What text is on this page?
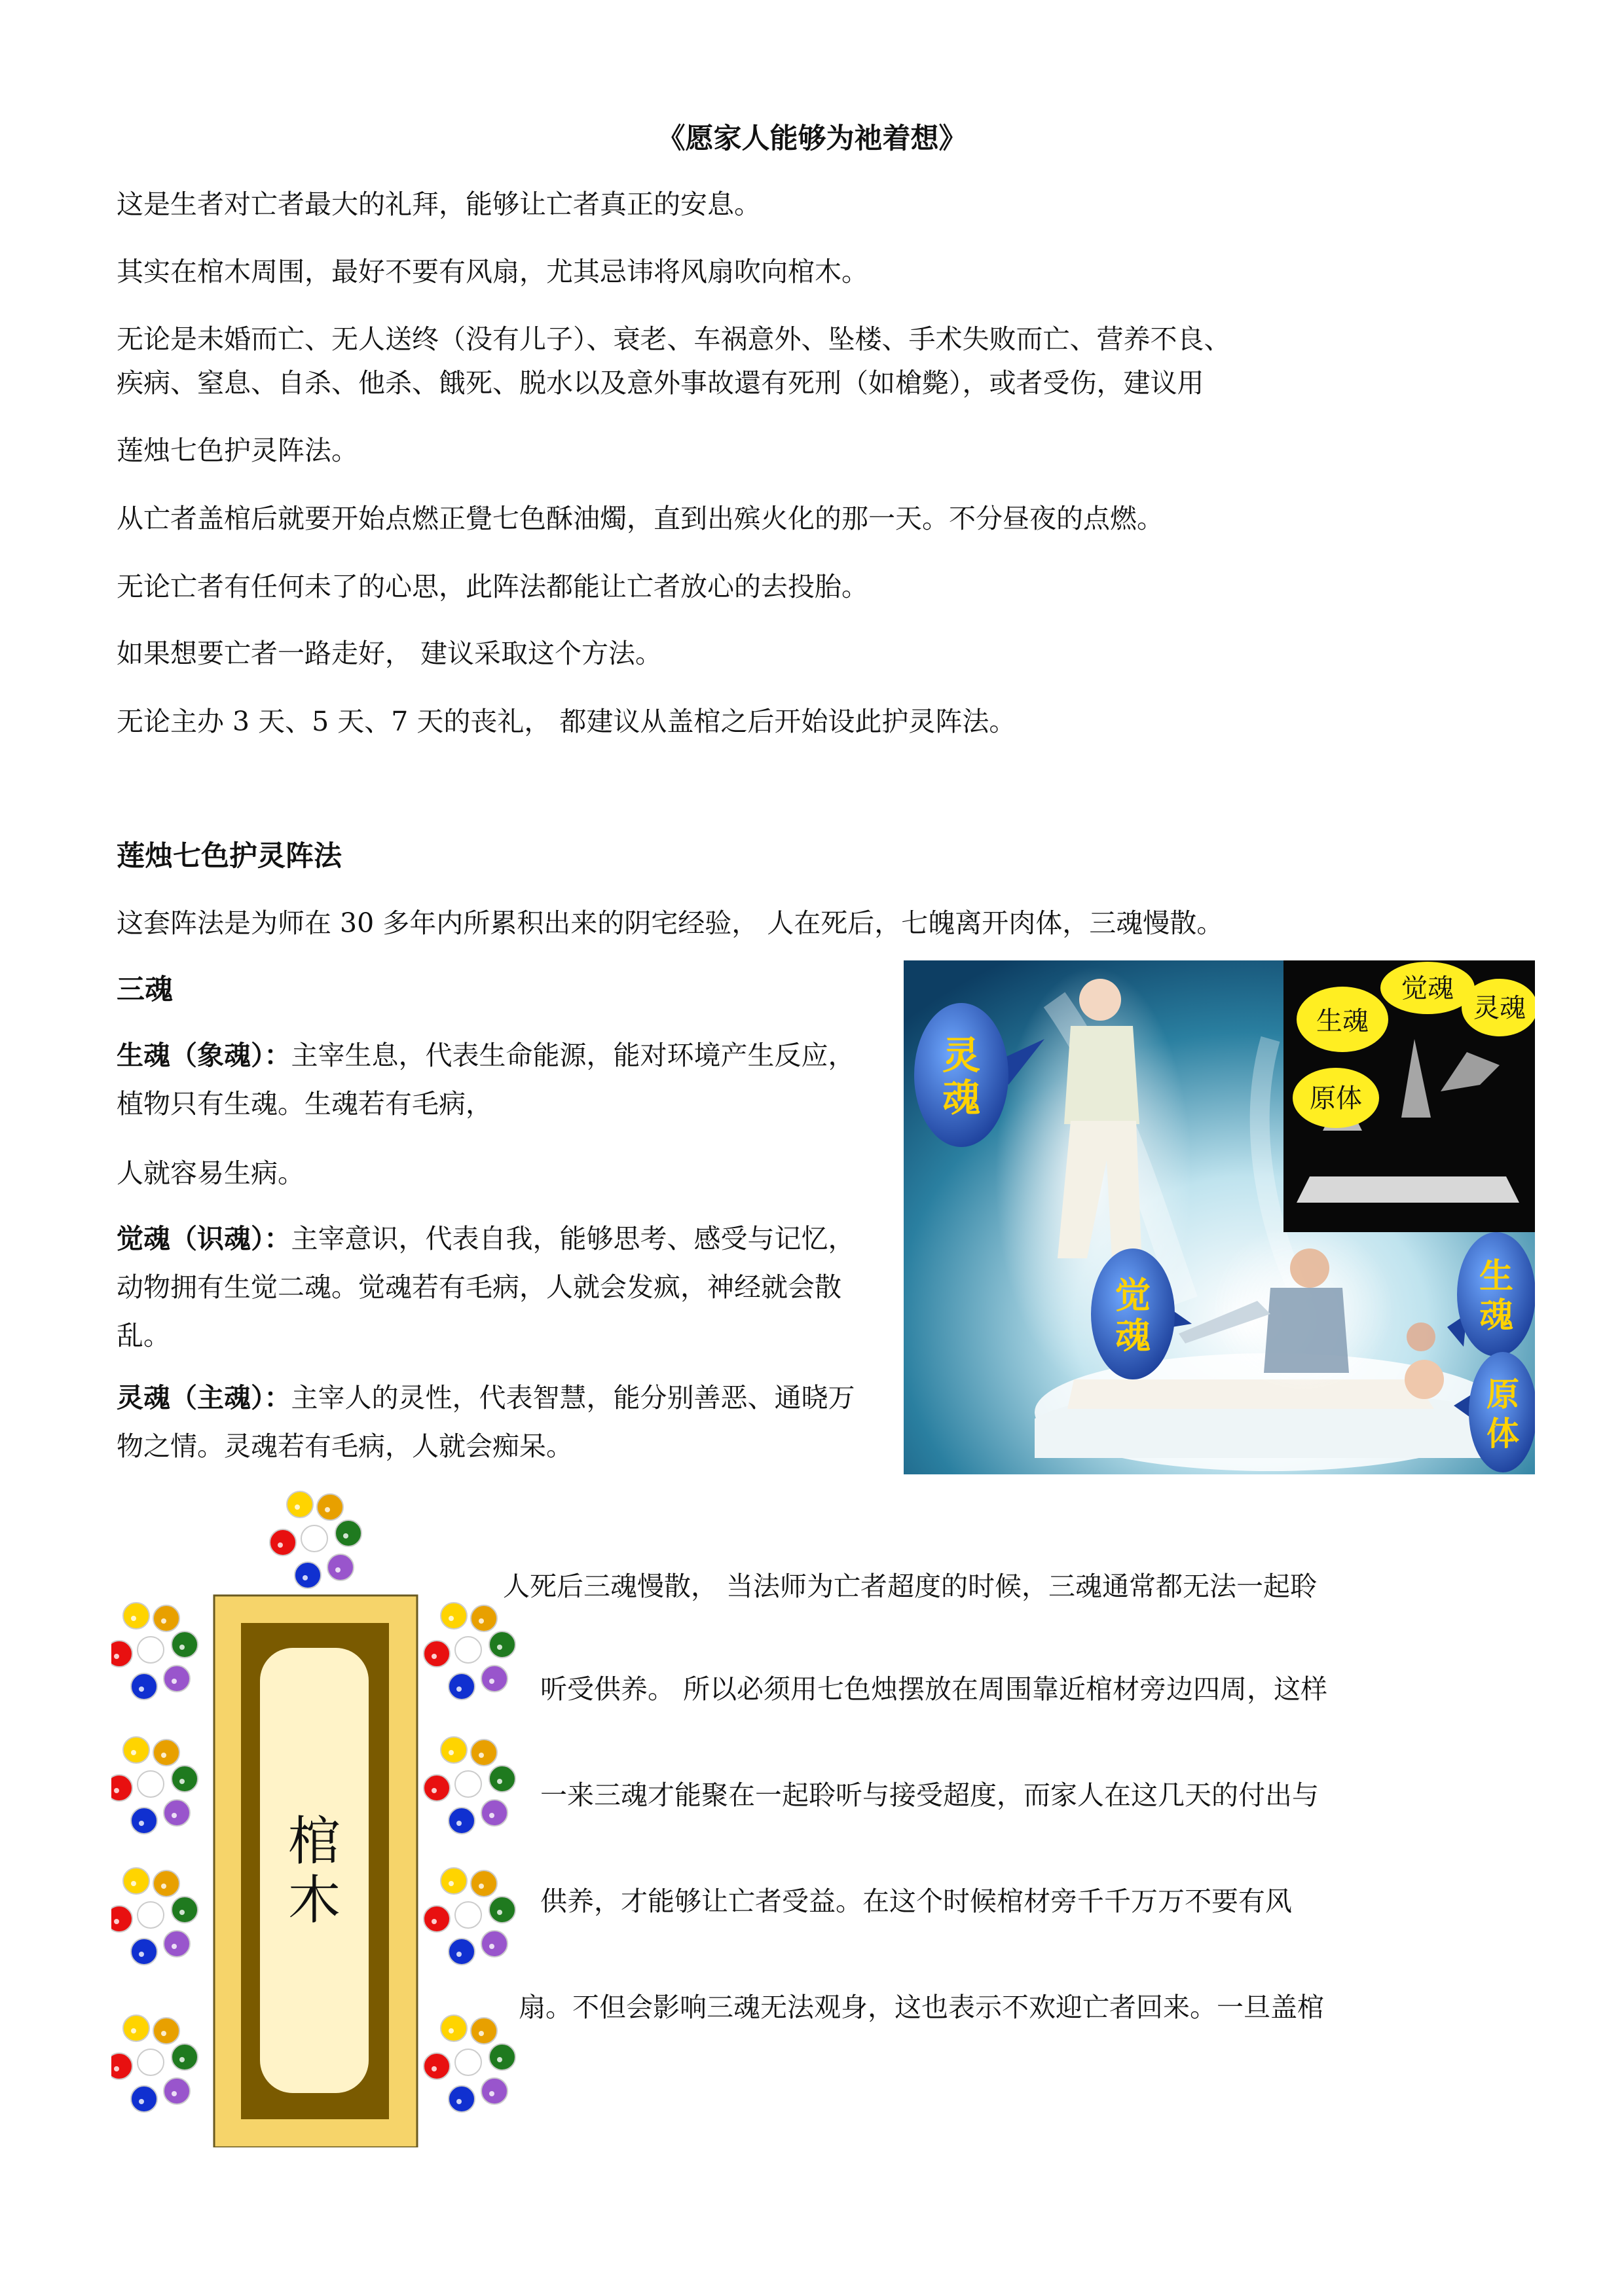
《愿家人能够为祂着想》

这是生者对亡者最大的礼拜，能够让亡者真正的安息。

其实在棺木周围，最好不要有风扇，尤其忌讳将风扇吹向棺木。

无论是未婚而亡、无人送终（没有儿子）、衰老、车祸意外、坠楼、手术失败而亡、营养不良、

疾病、窒息、自杀、他杀、餓死、脱水以及意外事故還有死刑（如槍斃），或者受伤，建议用

莲烛七色护灵阵法。

从亡者盖棺后就要开始点燃正覺七色酥油燭，直到出殡火化的那一天。不分昼夜的点燃。

无论亡者有任何未了的心思，此阵法都能让亡者放心的去投胎。

如果想要亡者一路走好， 建议采取这个方法。

无论主办 3 天、5 天、7 天的丧礼， 都建议从盖棺之后开始设此护灵阵法。

莲烛七色护灵阵法

这套阵法是为师在 30 多年内所累积出来的阴宅经验， 人在死后，七魄离开肉体，三魂慢散。

三魂

生魂（象魂）：主宰生息，代表生命能源，能对环境产生反应，植物只有生魂。生魂若有毛病，

人就容易生病。

觉魂（识魂）：主宰意识，代表自我，能够思考、感受与记忆，动物拥有生觉二魂。觉魂若有毛病，人就会发疯，神经就会散乱。
灵魂（主魂）：主宰人的灵性，代表智慧，能分别善恶、通晓万物之情。灵魂若有毛病，人就会痴呆。
生魂
觉魂
灵魂
原体
灵
魂
觉
魂
生
魂
原
体
棺
木

人死后三魂慢散， 当法师为亡者超度的时候，三魂通常都无法一起聆

听受供养。 所以必须用七色烛摆放在周围靠近棺材旁边四周，这样

一来三魂才能聚在一起聆听与接受超度，而家人在这几天的付出与

供养，才能够让亡者受益。在这个时候棺材旁千千万万不要有风

扇。不但会影响三魂无法观身，这也表示不欢迎亡者回来。一旦盖棺
